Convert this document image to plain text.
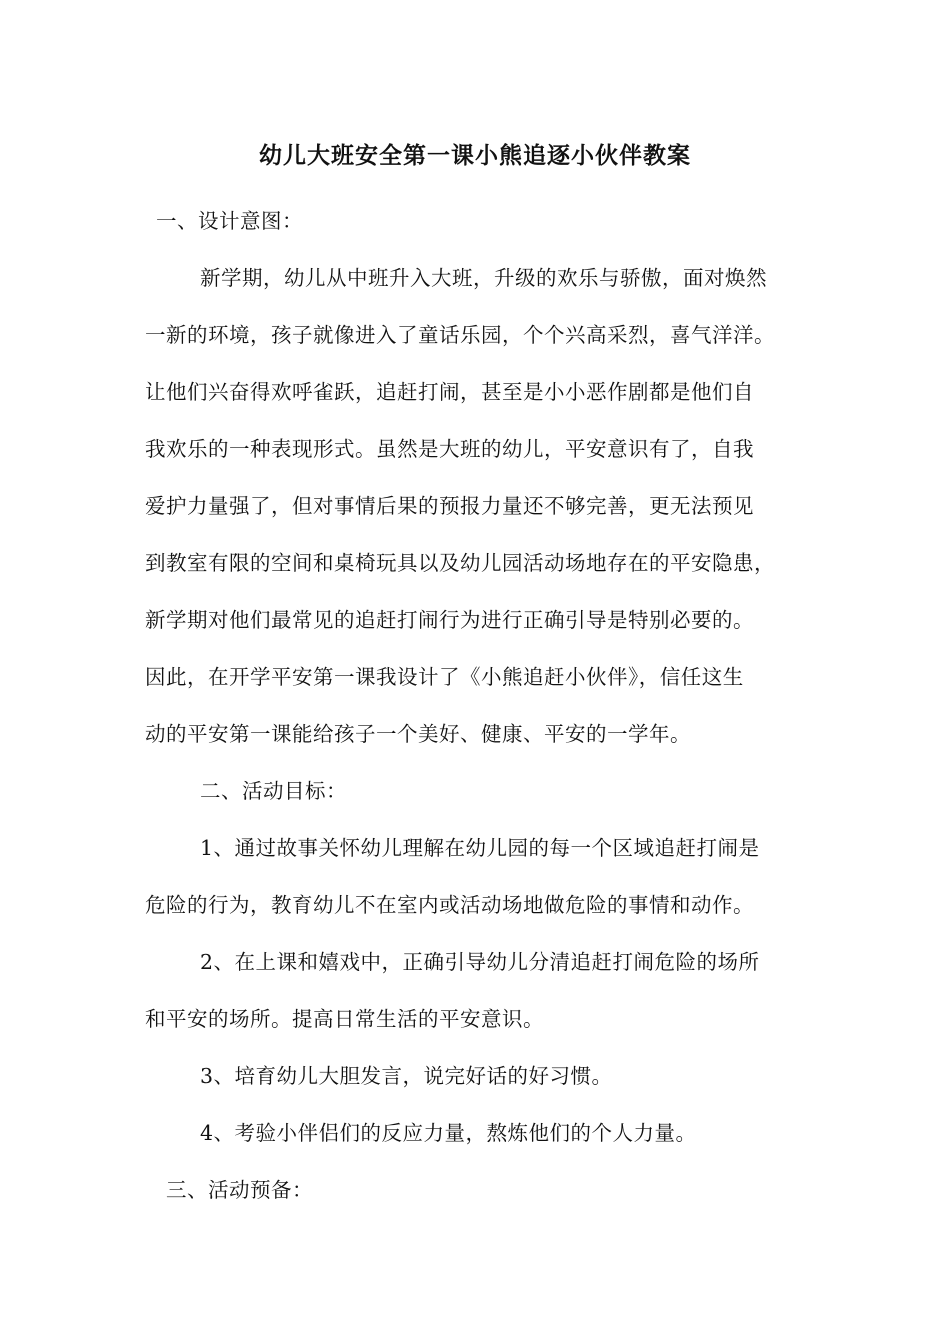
幼儿大班安全第一课小熊追逐小伙伴教案
一、设计意图：
新学期，幼儿从中班升入大班，升级的欢乐与骄傲，面对焕然
一新的环境，孩子就像进入了童话乐园，个个兴高采烈，喜气洋洋。
让他们兴奋得欢呼雀跃，追赶打闹，甚至是小小恶作剧都是他们自
我欢乐的一种表现形式。虽然是大班的幼儿，平安意识有了，自我
爱护力量强了，但对事情后果的预报力量还不够完善，更无法预见
到教室有限的空间和桌椅玩具以及幼儿园活动场地存在的平安隐患，
新学期对他们最常见的追赶打闹行为进行正确引导是特别必要的。
因此，在开学平安第一课我设计了《小熊追赶小伙伴》，信任这生
动的平安第一课能给孩子一个美好、健康、平安的一学年。
二、活动目标：
1、通过故事关怀幼儿理解在幼儿园的每一个区域追赶打闹是
危险的行为，教育幼儿不在室内或活动场地做危险的事情和动作。
2、在上课和嬉戏中，正确引导幼儿分清追赶打闹危险的场所
和平安的场所。提高日常生活的平安意识。
3、培育幼儿大胆发言，说完好话的好习惯。
4、考验小伴侣们的反应力量，熬炼他们的个人力量。
三、活动预备：
